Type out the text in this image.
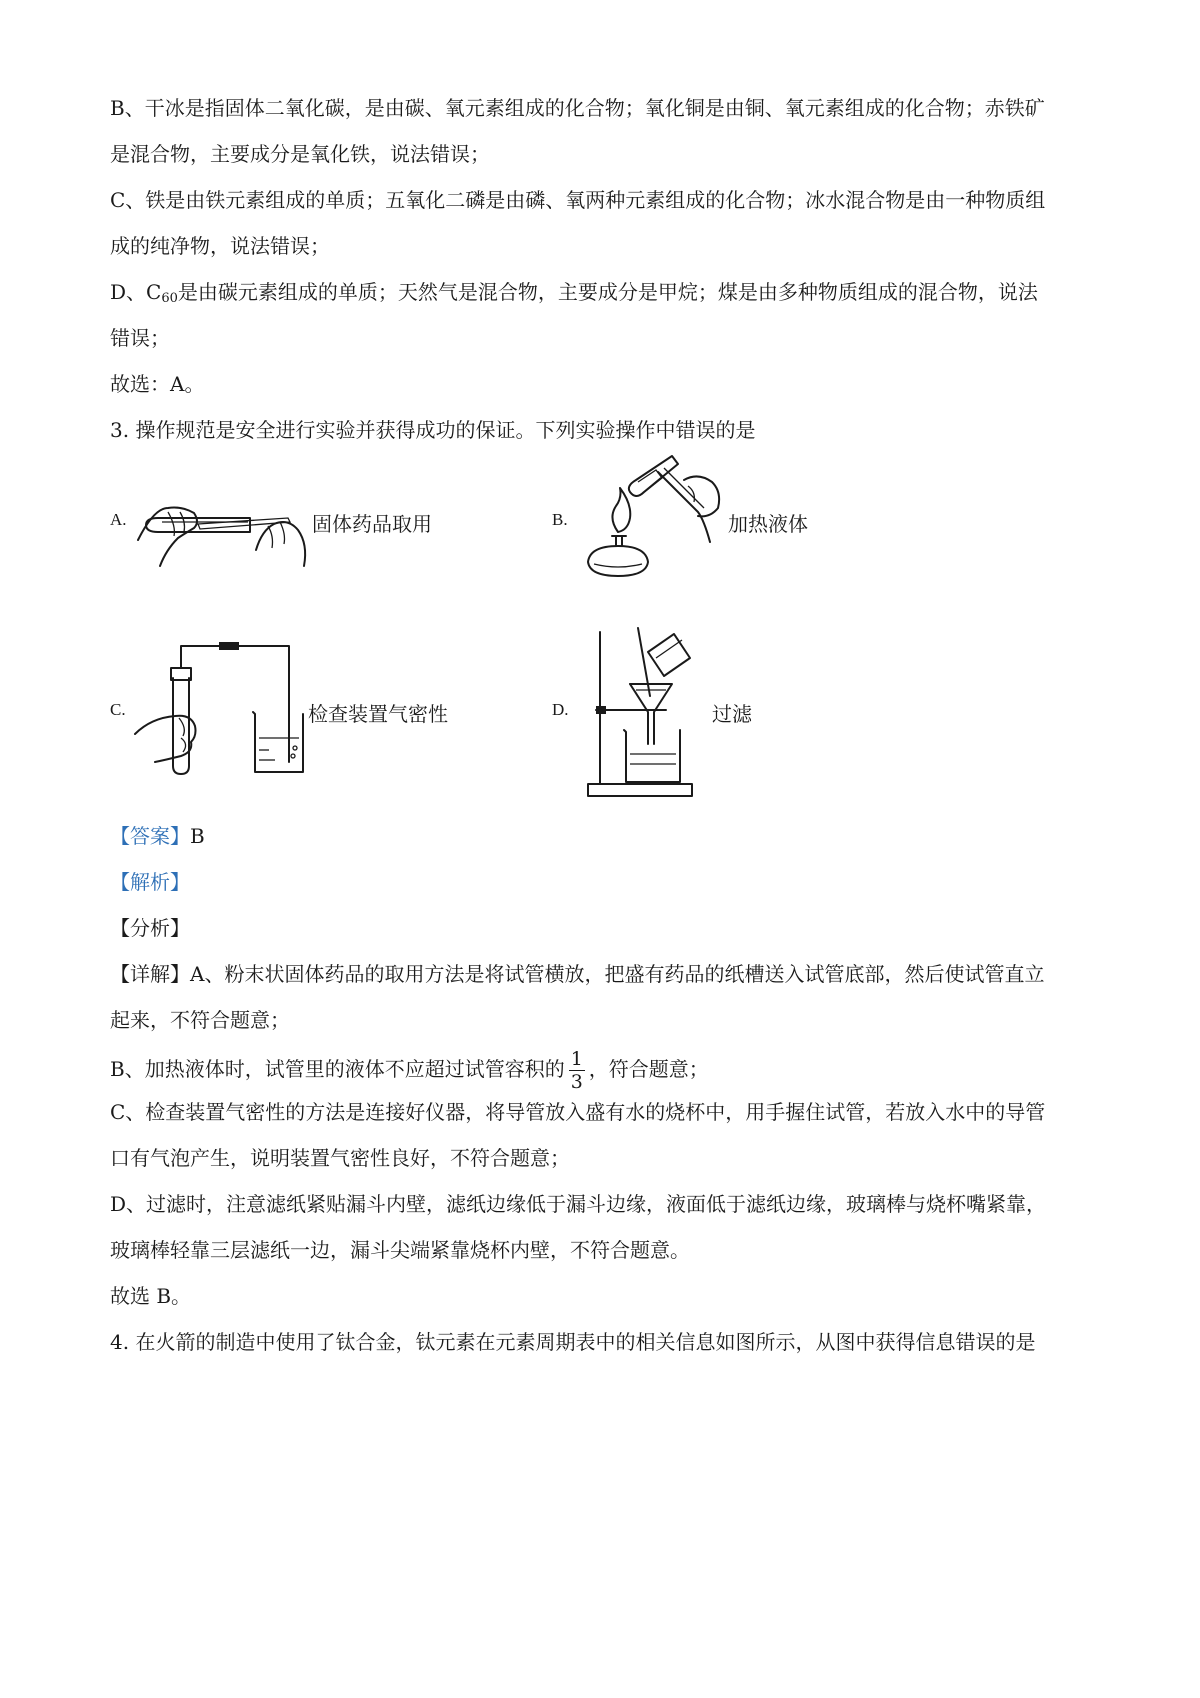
B、干冰是指固体二氧化碳，是由碳、氧元素组成的化合物；氧化铜是由铜、氧元素组成的化合物；赤铁矿
是混合物，主要成分是氧化铁，说法错误；
C、铁是由铁元素组成的单质；五氧化二磷是由磷、氧两种元素组成的化合物；冰水混合物是由一种物质组
成的纯净物，说法错误；
D、$C_{60}$是由碳元素组成的单质；天然气是混合物，主要成分是甲烷；煤是由多种物质组成的混合物，说法
错误；
故选：A。
3. 操作规范是安全进行实验并获得成功的保证。下列实验操作中错误的是
A.	固体药品取用	B.	加热液体
C.	检查装置气密性	D.	过滤
【答案】B
【解析】
【分析】
【详解】A、粉末状固体药品的取用方法是将试管横放，把盛有药品的纸槽送入试管底部，然后使试管直立
起来，不符合题意；
B、加热液体时，试管里的液体不应超过试管容积的 $\frac{1}{3}$ ，符合题意；
C、检查装置气密性的方法是连接好仪器，将导管放入盛有水的烧杯中，用手握住试管，若放入水中的导管
口有气泡产生，说明装置气密性良好，不符合题意；
D、过滤时，注意滤纸紧贴漏斗内壁，滤纸边缘低于漏斗边缘，液面低于滤纸边缘，玻璃棒与烧杯嘴紧靠，
玻璃棒轻靠三层滤纸一边，漏斗尖端紧靠烧杯内壁，不符合题意。
故选 B。
4. 在火箭的制造中使用了钛合金，钛元素在元素周期表中的相关信息如图所示，从图中获得信息错误的是
